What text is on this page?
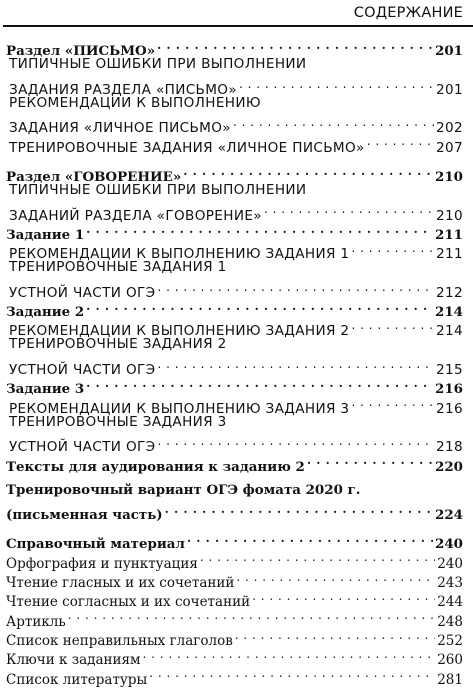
СОДЕРЖАНИЕ
Раздел «ПИСЬМО» . . .	201
ТИПИЧНЫЕ ОШИБКИ ПРИ ВЫПОЛНЕНИИ
ЗАДАНИЯ РАЗДЕЛА «ПИСЬМО» . . .	201
РЕКОМЕНДАЦИИ К ВЫПОЛНЕНИЮ
ЗАДАНИЯ «ЛИЧНОЕ ПИСЬМО» . . .	202
ТРЕНИРОВОЧНЫЕ ЗАДАНИЯ «ЛИЧНОЕ ПИСЬМО» . . .	207
Раздел «ГОВОРЕНИЕ» . . .	210
ТИПИЧНЫЕ ОШИБКИ ПРИ ВЫПОЛНЕНИИ
ЗАДАНИЙ РАЗДЕЛА «ГОВОРЕНИЕ» . . .	210
Задание 1 . . .	211
РЕКОМЕНДАЦИИ К ВЫПОЛНЕНИЮ ЗАДАНИЯ 1 . . .	211
ТРЕНИРОВОЧНЫЕ ЗАДАНИЯ 1
УСТНОЙ ЧАСТИ ОГЭ . . .	212
Задание 2 . . .	214
РЕКОМЕНДАЦИИ К ВЫПОЛНЕНИЮ ЗАДАНИЯ 2 . . .	214
ТРЕНИРОВОЧНЫЕ ЗАДАНИЯ 2
УСТНОЙ ЧАСТИ ОГЭ . . .	215
Задание 3 . . .	216
РЕКОМЕНДАЦИИ К ВЫПОЛНЕНИЮ ЗАДАНИЯ 3 . . .	216
ТРЕНИРОВОЧНЫЕ ЗАДАНИЯ 3
УСТНОЙ ЧАСТИ ОГЭ . . .	218
Тексты для аудирования к заданию 2 . . .	220
Тренировочный вариант ОГЭ фомата 2020 г.
(письменная часть) . . .	224
Справочный материал . . .	240
Орфография и пунктуация . . .	240
Чтение гласных и их сочетаний . . .	243
Чтение согласных и их сочетаний . . .	244
Артикль . . .	248
Список неправильных глаголов . . .	252
Ключи к заданиям . . .	260
Список литературы . . .	281
